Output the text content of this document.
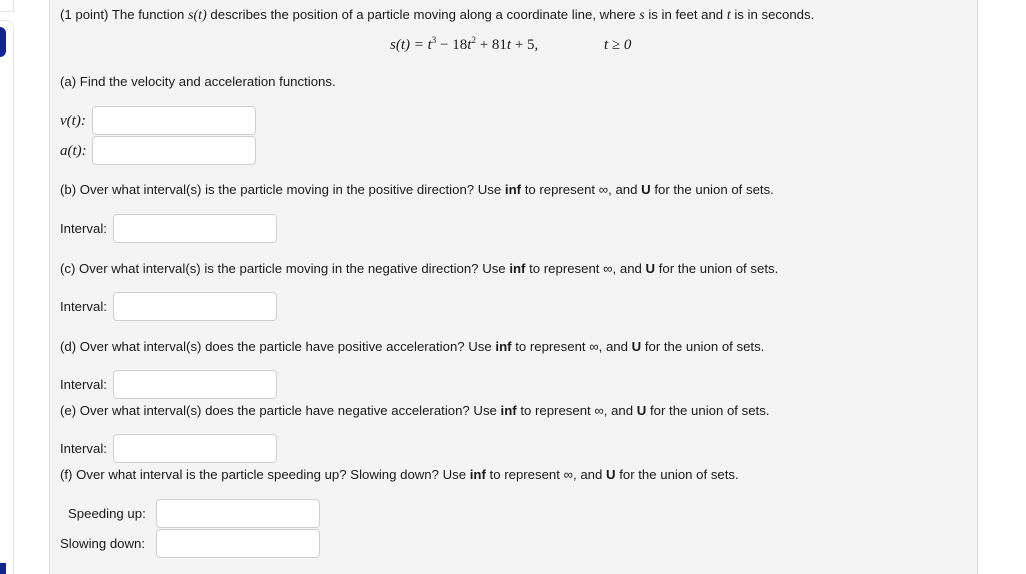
(1 point) The function s(t) describes the position of a particle moving along a coordinate line, where s is in feet and t is in seconds.
$s(t) = t^3 - 18t^2 + 81t + 5$,	t ≥ 0
(a) Find the velocity and acceleration functions.
v(t):
a(t):
(b) Over what interval(s) is the particle moving in the positive direction? Use inf to represent ∞, and U for the union of sets.
Interval:
(c) Over what interval(s) is the particle moving in the negative direction? Use inf to represent ∞, and U for the union of sets.
Interval:
(d) Over what interval(s) does the particle have positive acceleration? Use inf to represent ∞, and U for the union of sets.
Interval:
(e) Over what interval(s) does the particle have negative acceleration? Use inf to represent ∞, and U for the union of sets.
Interval:
(f) Over what interval is the particle speeding up? Slowing down? Use inf to represent ∞, and U for the union of sets.
Speeding up:
Slowing down:
